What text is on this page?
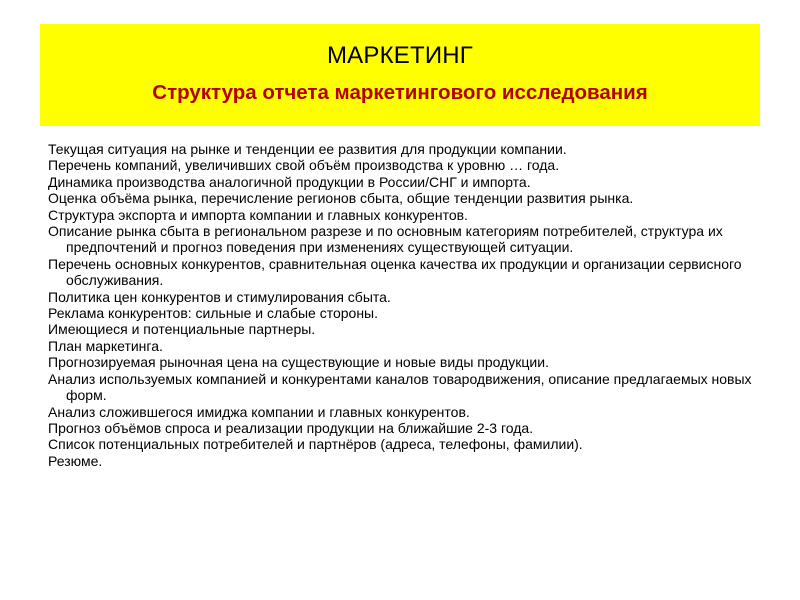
МАРКЕТИНГ
Структура отчета маркетингового исследования
Текущая ситуация на рынке и тенденции ее развития для продукции компании.
Перечень компаний, увеличивших свой объём производства к уровню … года.
Динамика производства аналогичной продукции в России/СНГ и импорта.
Оценка объёма рынка, перечисление регионов сбыта, общие тенденции развития рынка.
Структура экспорта и импорта компании и главных конкурентов.
Описание рынка сбыта в региональном разрезе и по основным категориям потребителей, структура их предпочтений и прогноз поведения при изменениях существующей ситуации.
Перечень основных конкурентов, сравнительная оценка качества их продукции и организации сервисного обслуживания.
Политика цен конкурентов и стимулирования сбыта.
Реклама конкурентов: сильные и слабые стороны.
Имеющиеся и потенциальные партнеры.
План маркетинга.
Прогнозируемая рыночная цена на существующие и новые виды продукции.
Анализ используемых компанией и конкурентами каналов товародвижения, описание предлагаемых новых форм.
Анализ сложившегося имиджа компании и главных конкурентов.
Прогноз объёмов спроса и реализации продукции на ближайшие 2-3 года.
Список потенциальных потребителей и партнёров (адреса, телефоны, фамилии).
Резюме.
